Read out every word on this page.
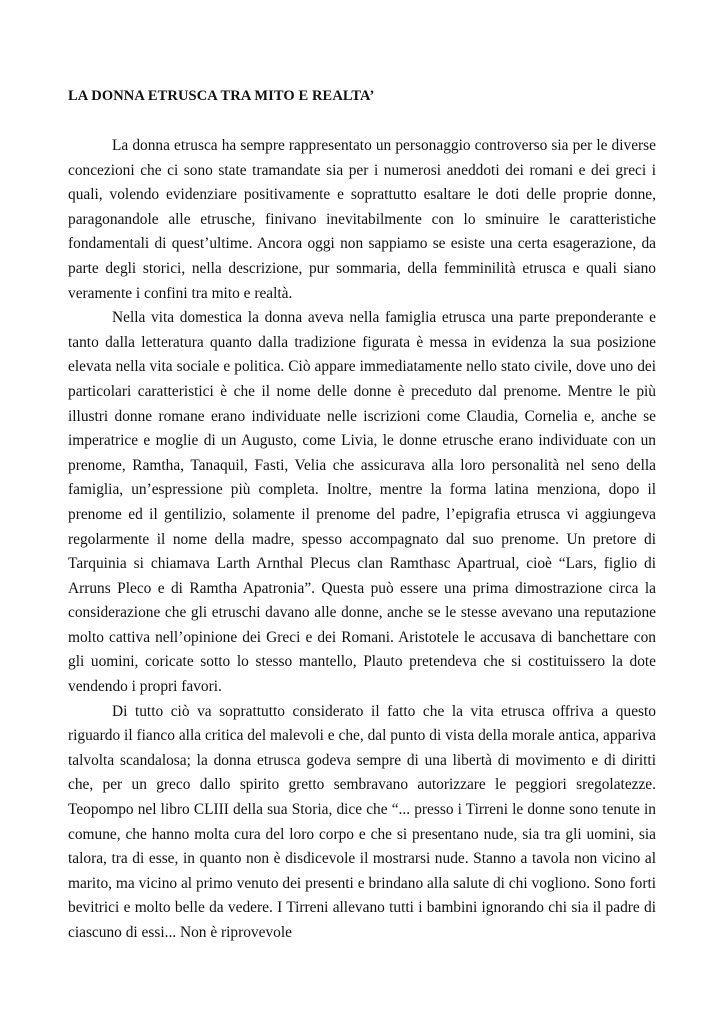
LA DONNA ETRUSCA TRA MITO E REALTA’

La donna etrusca ha sempre rappresentato un personaggio controverso sia per le diverse concezioni che ci sono state tramandate sia per i numerosi aneddoti dei romani e dei greci i quali, volendo evidenziare positivamente e soprattutto esaltare le doti delle proprie donne, paragonandole alle etrusche, finivano inevitabilmente con lo sminuire le caratteristiche fondamentali di quest’ultime. Ancora oggi non sappiamo se esiste una certa esagerazione, da parte degli storici, nella descrizione, pur sommaria, della femminilità etrusca e quali siano veramente i confini tra mito e realtà.

Nella vita domestica la donna aveva nella famiglia etrusca una parte preponderante e tanto dalla letteratura quanto dalla tradizione figurata è messa in evidenza la sua posizione elevata nella vita sociale e politica. Ciò appare immediatamente nello stato civile, dove uno dei particolari caratteristici è che il nome delle donne è preceduto dal prenome. Mentre le più illustri donne romane erano individuate nelle iscrizioni come Claudia, Cornelia e, anche se imperatrice e moglie di un Augusto, come Livia, le donne etrusche erano individuate con un prenome, Ramtha, Tanaquil, Fasti, Velia che assicurava alla loro personalità nel seno della famiglia, un’espressione più completa. Inoltre, mentre la forma latina menziona, dopo il prenome ed il gentilizio, solamente il prenome del padre, l’epigrafia etrusca vi aggiungeva regolarmente il nome della madre, spesso accompagnato dal suo prenome. Un pretore di Tarquinia si chiamava Larth Arnthal Plecus clan Ramthasc Apartrual, cioè “Lars, figlio di Arruns Pleco e di Ramtha Apatronia”. Questa può essere una prima dimostrazione circa la considerazione che gli etruschi davano alle donne, anche se le stesse avevano una reputazione molto cattiva nell’opinione dei Greci e dei Romani. Aristotele le accusava di banchettare con gli uomini, coricate sotto lo stesso mantello, Plauto pretendeva che si costituissero la dote vendendo i propri favori.

Di tutto ciò va soprattutto considerato il fatto che la vita etrusca offriva a questo riguardo il fianco alla critica del malevoli e che, dal punto di vista della morale antica, appariva talvolta scandalosa; la donna etrusca godeva sempre di una libertà di movimento e di diritti che, per un greco dallo spirito gretto sembravano autorizzare le peggiori sregolatezze. Teopompo nel libro CLIII della sua Storia, dice che “... presso i Tirreni le donne sono tenute in comune, che hanno molta cura del loro corpo e che si presentano nude, sia tra gli uomini, sia talora, tra di esse, in quanto non è disdicevole il mostrarsi nude. Stanno a tavola non vicino al marito, ma vicino al primo venuto dei presenti e brindano alla salute di chi vogliono. Sono forti bevitrici e molto belle da vedere. I Tirreni allevano tutti i bambini ignorando chi sia il padre di ciascuno di essi... Non è riprovevole
